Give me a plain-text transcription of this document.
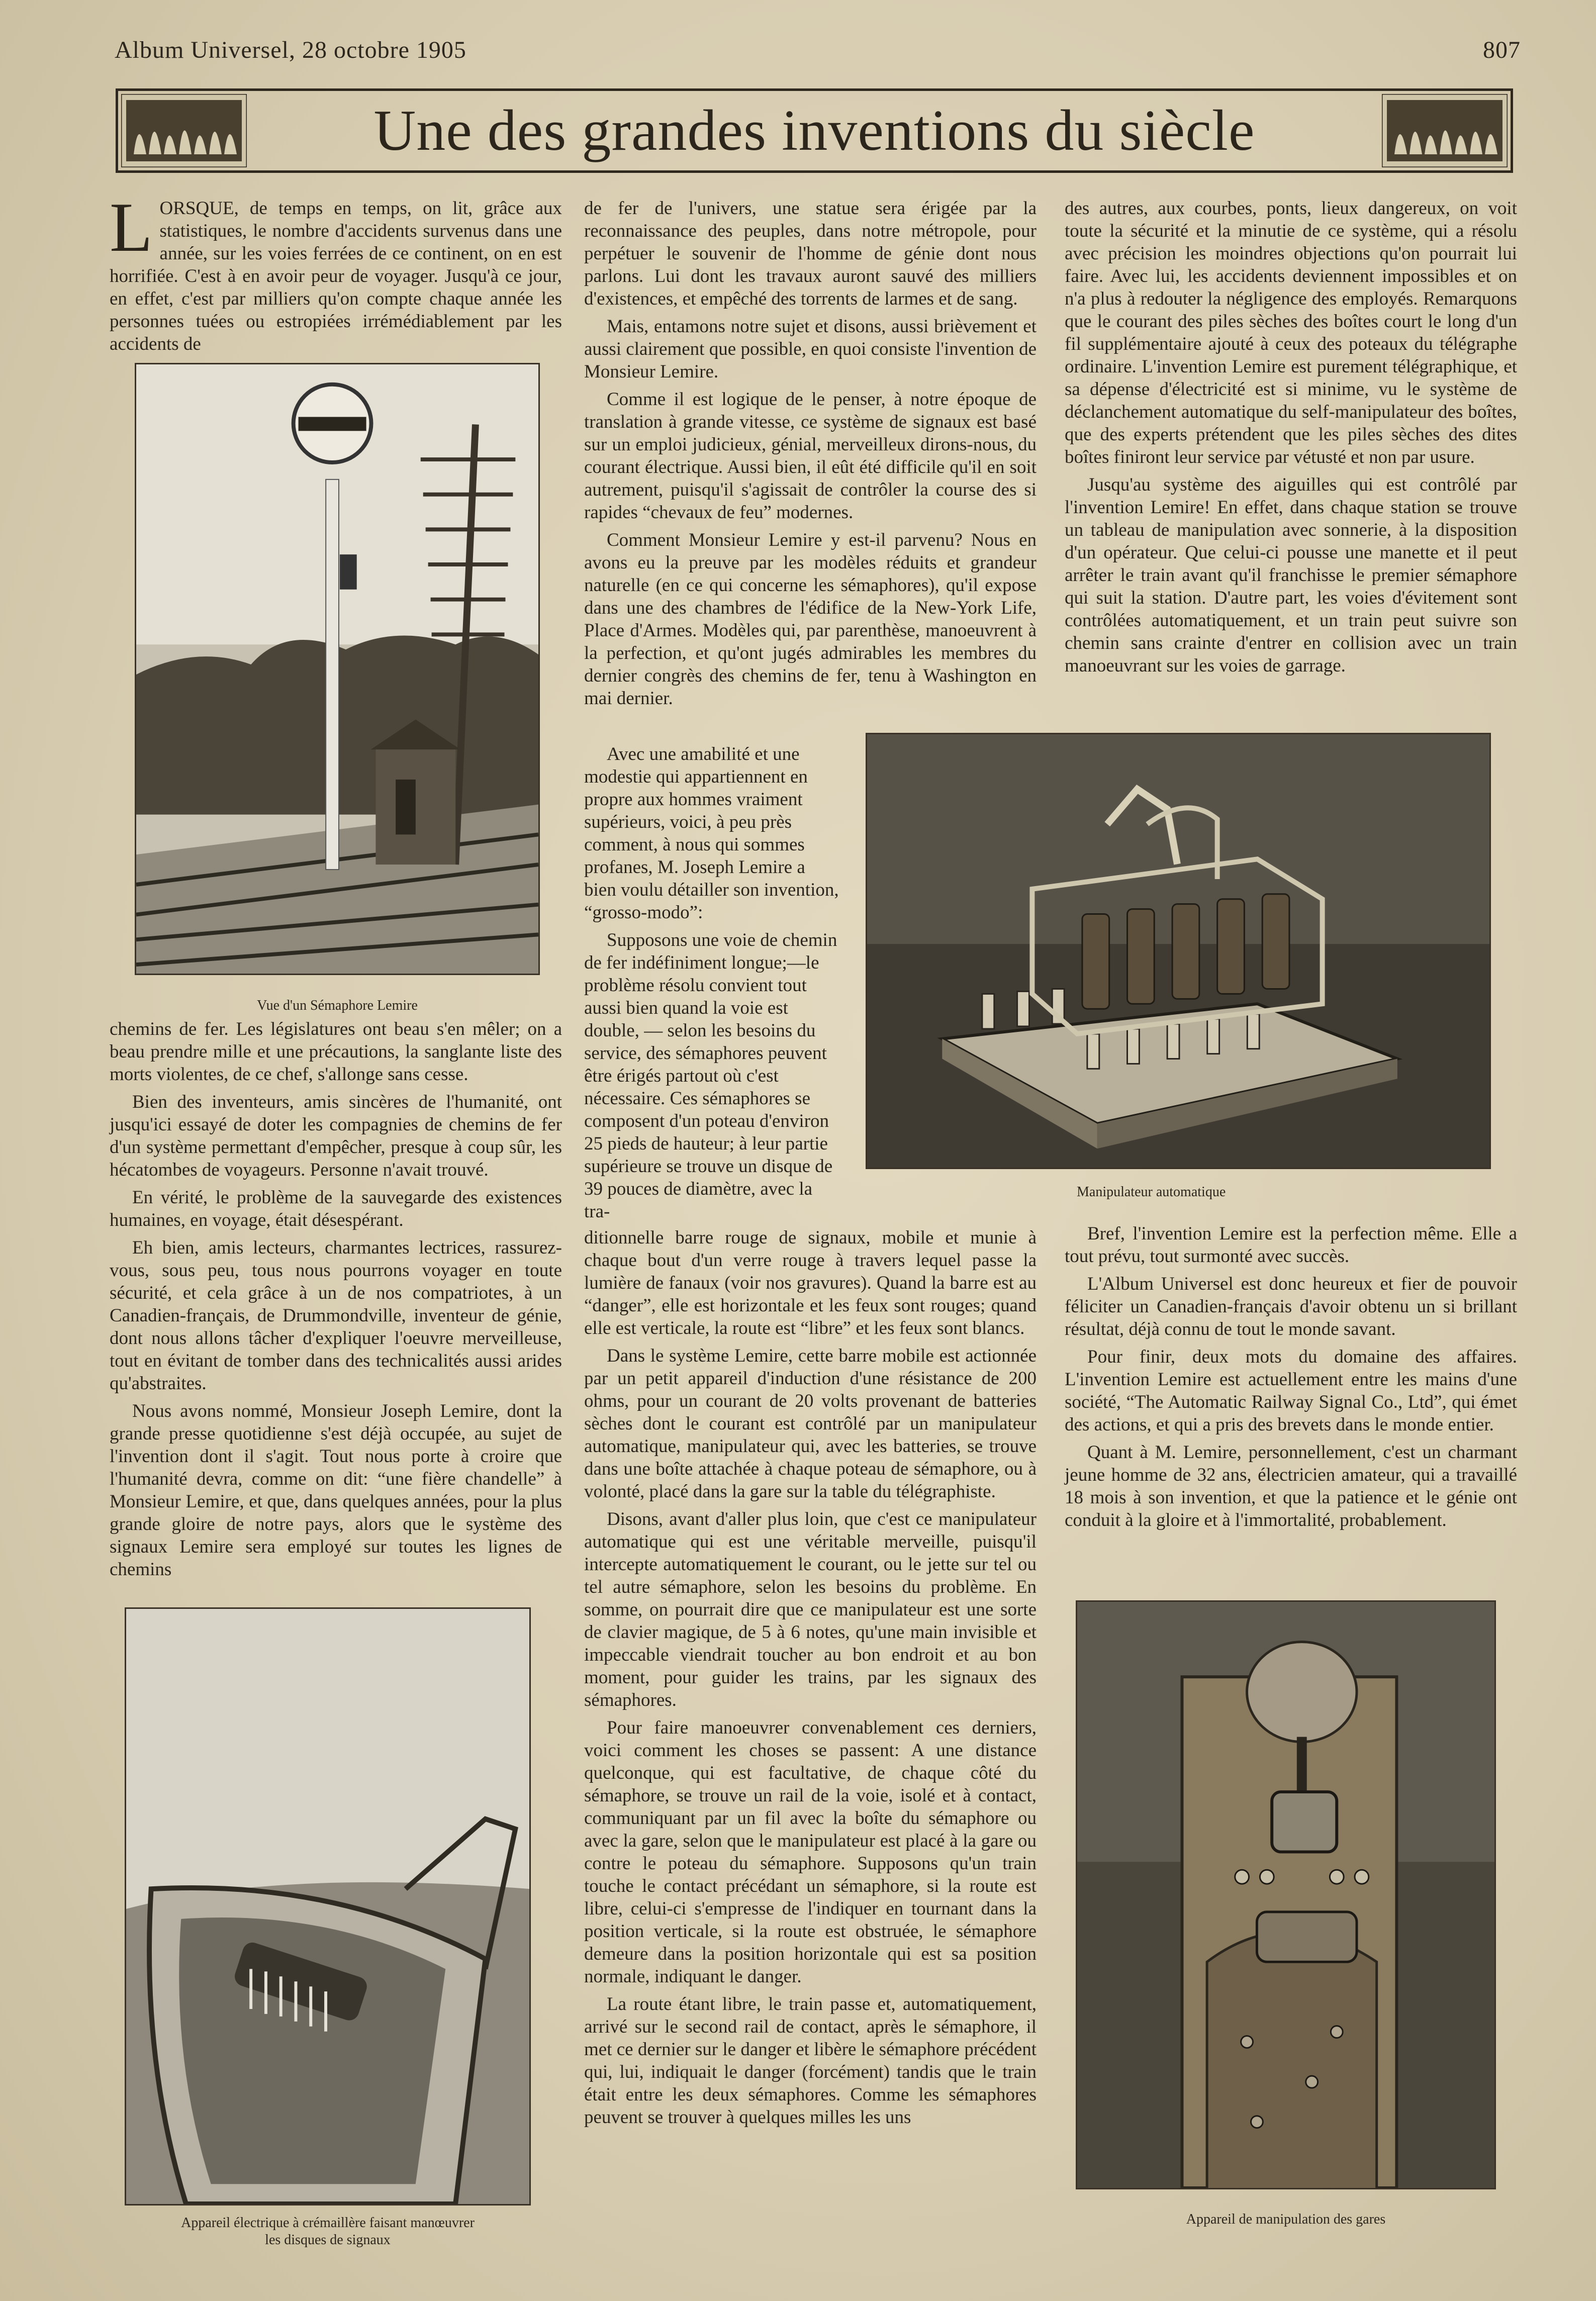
Album Universel, 28 octobre 1905	807
Une des grandes inventions du siècle

LORSQUE, de temps en temps, on lit, grâce aux statistiques, le nombre d'accidents survenus dans une année, sur les voies ferrées de ce continent, on en est horrifiée. C'est à en avoir peur de voyager. Jusqu'à ce jour, en effet, c'est par milliers qu'on compte chaque année les personnes tuées ou estropiées irrémédiablement par les accidents de

Vue d'un Sémaphore Lemire

chemins de fer. Les législatures ont beau s'en mêler; on a beau prendre mille et une précautions, la sanglante liste des morts violentes, de ce chef, s'allonge sans cesse.

Bien des inventeurs, amis sincères de l'humanité, ont jusqu'ici essayé de doter les compagnies de chemins de fer d'un système permettant d'empêcher, presque à coup sûr, les hécatombes de voyageurs. Personne n'avait trouvé.

En vérité, le problème de la sauvegarde des existences humaines, en voyage, était désespérant.

Eh bien, amis lecteurs, charmantes lectrices, rassurez-vous, sous peu, tous nous pourrons voyager en toute sécurité, et cela grâce à un de nos compatriotes, à un Canadien-français, de Drummondville, inventeur de génie, dont nous allons tâcher d'expliquer l'oeuvre merveilleuse, tout en évitant de tomber dans des technicalités aussi arides qu'abstraites.

Nous avons nommé, Monsieur Joseph Lemire, dont la grande presse quotidienne s'est déjà occupée, au sujet de l'invention dont il s'agit. Tout nous porte à croire que l'humanité devra, comme on dit: “une fière chandelle” à Monsieur Lemire, et que, dans quelques années, pour la plus grande gloire de notre pays, alors que le système des signaux Lemire sera employé sur toutes les lignes de chemins

Appareil électrique à crémaillère faisant manœuvrer
les disques de signaux

de fer de l'univers, une statue sera érigée par la reconnaissance des peuples, dans notre métropole, pour perpétuer le souvenir de l'homme de génie dont nous parlons. Lui dont les travaux auront sauvé des milliers d'existences, et empêché des torrents de larmes et de sang.

Mais, entamons notre sujet et disons, aussi brièvement et aussi clairement que possible, en quoi consiste l'invention de Monsieur Lemire.

Comme il est logique de le penser, à notre époque de translation à grande vitesse, ce système de signaux est basé sur un emploi judicieux, génial, merveilleux dirons-nous, du courant électrique. Aussi bien, il eût été difficile qu'il en soit autrement, puisqu'il s'agissait de contrôler la course des si rapides “chevaux de feu” modernes.

Comment Monsieur Lemire y est-il parvenu? Nous en avons eu la preuve par les modèles réduits et grandeur naturelle (en ce qui concerne les sémaphores), qu'il expose dans une des chambres de l'édifice de la New-York Life, Place d'Armes. Modèles qui, par parenthèse, manoeuvrent à la perfection, et qu'ont jugés admirables les membres du dernier congrès des chemins de fer, tenu à Washington en mai dernier.

Avec une amabilité et une modestie qui appartiennent en propre aux hommes vraiment supérieurs, voici, à peu près comment, à nous qui sommes profanes, M. Joseph Lemire a bien voulu détailler son invention, “grosso-modo”:

Supposons une voie de chemin de fer indéfiniment longue;—le problème résolu convient tout aussi bien quand la voie est double, — selon les besoins du service, des sémaphores peuvent être érigés partout où c'est nécessaire. Ces sémaphores se composent d'un poteau d'environ 25 pieds de hauteur; à leur partie supérieure se trouve un disque de 39 pouces de diamètre, avec la tra-

Manipulateur automatique

ditionnelle barre rouge de signaux, mobile et munie à chaque bout d'un verre rouge à travers lequel passe la lumière de fanaux (voir nos gravures). Quand la barre est au “danger”, elle est horizontale et les feux sont rouges; quand elle est verticale, la route est “libre” et les feux sont blancs.

Dans le système Lemire, cette barre mobile est actionnée par un petit appareil d'induction d'une résistance de 200 ohms, pour un courant de 20 volts provenant de batteries sèches dont le courant est contrôlé par un manipulateur automatique, manipulateur qui, avec les batteries, se trouve dans une boîte attachée à chaque poteau de sémaphore, ou à volonté, placé dans la gare sur la table du télégraphiste.

Disons, avant d'aller plus loin, que c'est ce manipulateur automatique qui est une véritable merveille, puisqu'il intercepte automatiquement le courant, ou le jette sur tel ou tel autre sémaphore, selon les besoins du problème. En somme, on pourrait dire que ce manipulateur est une sorte de clavier magique, de 5 à 6 notes, qu'une main invisible et impeccable viendrait toucher au bon endroit et au bon moment, pour guider les trains, par les signaux des sémaphores.

Pour faire manoeuvrer convenablement ces derniers, voici comment les choses se passent: A une distance quelconque, qui est facultative, de chaque côté du sémaphore, se trouve un rail de la voie, isolé et à contact, communiquant par un fil avec la boîte du sémaphore ou avec la gare, selon que le manipulateur est placé à la gare ou contre le poteau du sémaphore. Supposons qu'un train touche le contact précédant un sémaphore, si la route est libre, celui-ci s'empresse de l'indiquer en tournant dans la position verticale, si la route est obstruée, le sémaphore demeure dans la position horizontale qui est sa position normale, indiquant le danger.

La route étant libre, le train passe et, automatiquement, arrivé sur le second rail de contact, après le sémaphore, il met ce dernier sur le danger et libère le sémaphore précédent qui, lui, indiquait le danger (forcément) tandis que le train était entre les deux sémaphores. Comme les sémaphores peuvent se trouver à quelques milles les uns

des autres, aux courbes, ponts, lieux dangereux, on voit toute la sécurité et la minutie de ce système, qui a résolu avec précision les moindres objections qu'on pourrait lui faire. Avec lui, les accidents deviennent impossibles et on n'a plus à redouter la négligence des employés. Remarquons que le courant des piles sèches des boîtes court le long d'un fil supplémentaire ajouté à ceux des poteaux du télégraphe ordinaire. L'invention Lemire est purement télégraphique, et sa dépense d'électricité est si minime, vu le système de déclanchement automatique du self-manipulateur des boîtes, que des experts prétendent que les piles sèches des dites boîtes finiront leur service par vétusté et non par usure.

Jusqu'au système des aiguilles qui est contrôlé par l'invention Lemire! En effet, dans chaque station se trouve un tableau de manipulation avec sonnerie, à la disposition d'un opérateur. Que celui-ci pousse une manette et il peut arrêter le train avant qu'il franchisse le premier sémaphore qui suit la station. D'autre part, les voies d'évitement sont contrôlées automatiquement, et un train peut suivre son chemin sans crainte d'entrer en collision avec un train manoeuvrant sur les voies de garrage.

Bref, l'invention Lemire est la perfection même. Elle a tout prévu, tout surmonté avec succès.

L'Album Universel est donc heureux et fier de pouvoir féliciter un Canadien-français d'avoir obtenu un si brillant résultat, déjà connu de tout le monde savant.

Pour finir, deux mots du domaine des affaires. L'invention Lemire est actuellement entre les mains d'une société, “The Automatic Railway Signal Co., Ltd”, qui émet des actions, et qui a pris des brevets dans le monde entier.

Quant à M. Lemire, personnellement, c'est un charmant jeune homme de 32 ans, électricien amateur, qui a travaillé 18 mois à son invention, et que la patience et le génie ont conduit à la gloire et à l'immortalité, probablement.

Appareil de manipulation des gares
